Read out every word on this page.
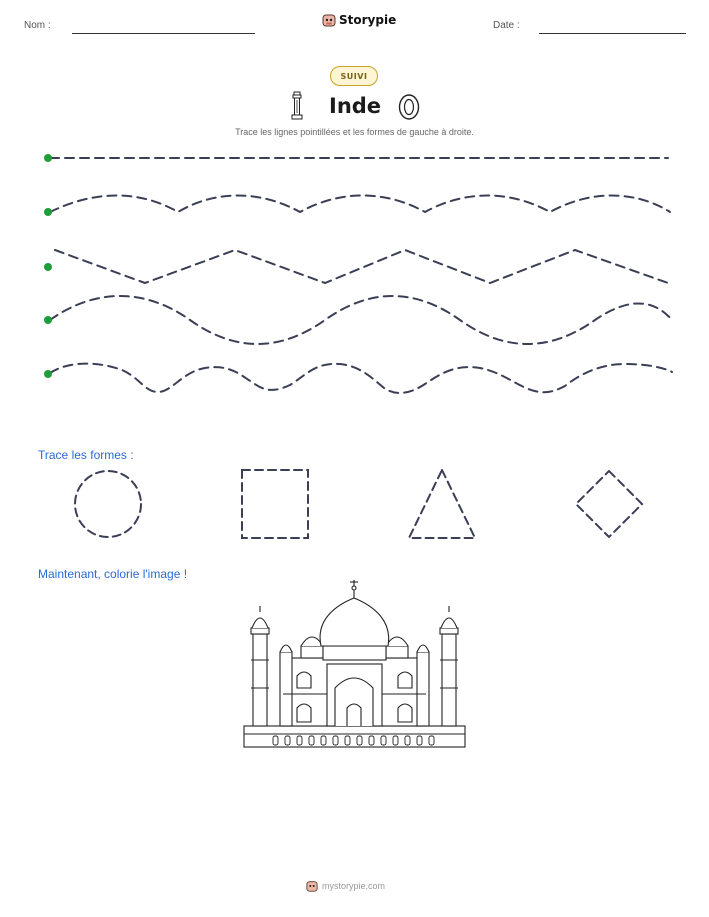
Nom :	Storypie	Date :
SUIVI
Inde
Trace les lignes pointillées et les formes de gauche à droite.
Trace les formes :
Maintenant, colorie l'image !
mystorypie.com
